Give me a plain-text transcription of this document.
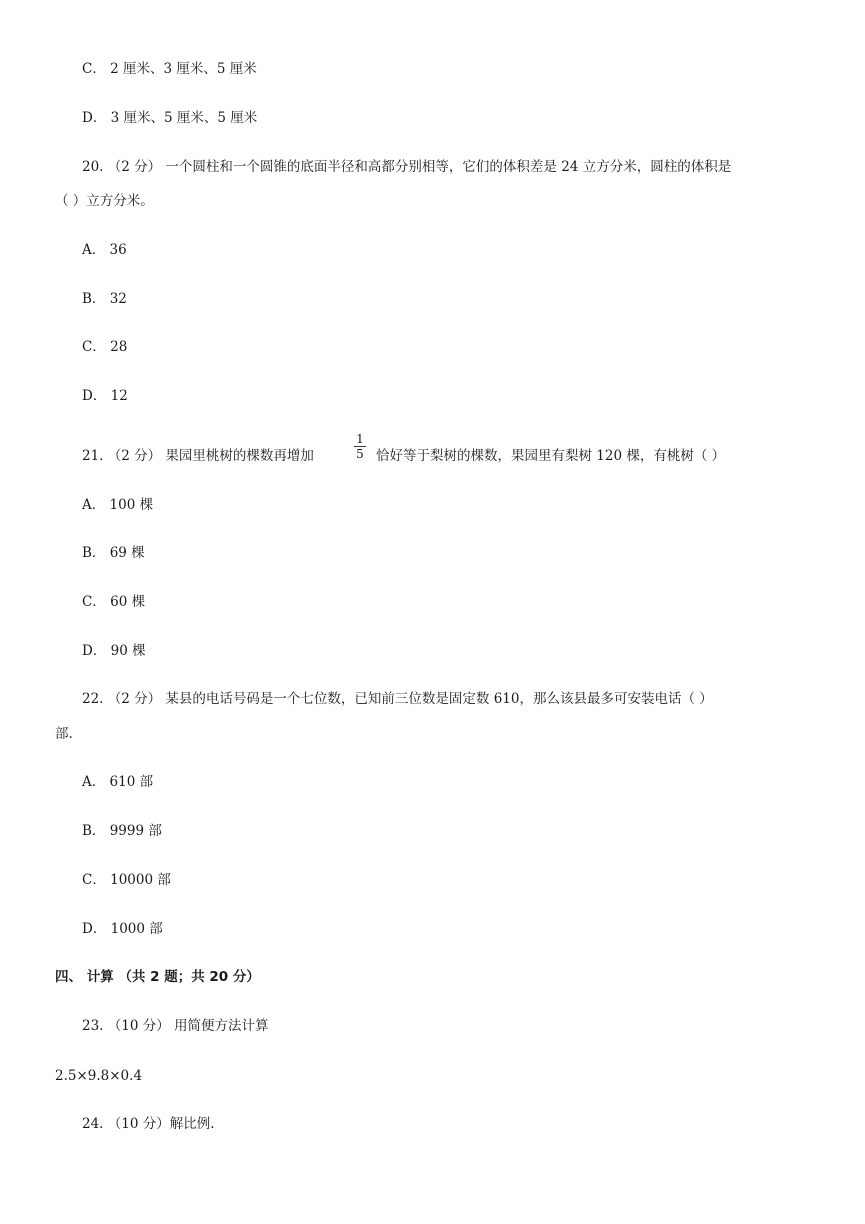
C． 2 厘米、3 厘米、5 厘米
D． 3 厘米、5 厘米、5 厘米
20. （2 分） 一个圆柱和一个圆锥的底面半径和高都分别相等，它们的体积差是 24 立方分米，圆柱的体积是
（ ）立方分米。
A． 36
B． 32
C． 28
D． 12
21. （2 分） 果园里桃树的棵数再增加
1
5 恰好等于梨树的棵数，果园里有梨树 120 棵，有桃树（ ）
A． 100 棵
B． 69 棵
C． 60 棵
D． 90 棵
22. （2 分） 某县的电话号码是一个七位数，已知前三位数是固定数 610，那么该县最多可安装电话（ ）
部.
A． 610 部
B． 9999 部
C． 10000 部
D． 1000 部
四、 计算 （共 2 题；共 20 分）
23. （10 分） 用简便方法计算
2.5×9.8×0.4
24. （10 分）解比例.
